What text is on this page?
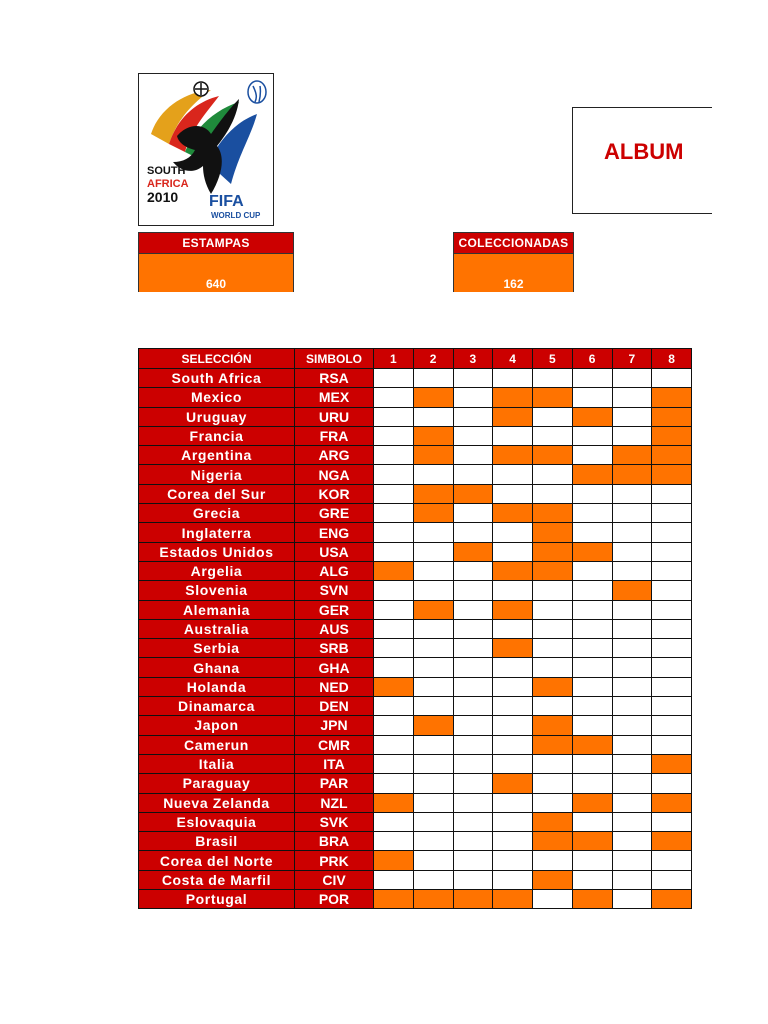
SOUTH
AFRICA
2010 FIFA
WORLD CUP
ALBUM
ESTAMPAS
640
COLECCIONADAS
162
SELECCIÓN	SIMBOLO	1	2	3	4	5	6	7	8
South Africa	RSA								
Mexico	MEX								
Uruguay	URU								
Francia	FRA								
Argentina	ARG								
Nigeria	NGA								
Corea del Sur	KOR								
Grecia	GRE								
Inglaterra	ENG								
Estados Unidos	USA								
Argelia	ALG								
Slovenia	SVN								
Alemania	GER								
Australia	AUS								
Serbia	SRB								
Ghana	GHA								
Holanda	NED								
Dinamarca	DEN								
Japon	JPN								
Camerun	CMR								
Italia	ITA								
Paraguay	PAR								
Nueva Zelanda	NZL								
Eslovaquia	SVK								
Brasil	BRA								
Corea del Norte	PRK								
Costa de Marfil	CIV								
Portugal	POR								
